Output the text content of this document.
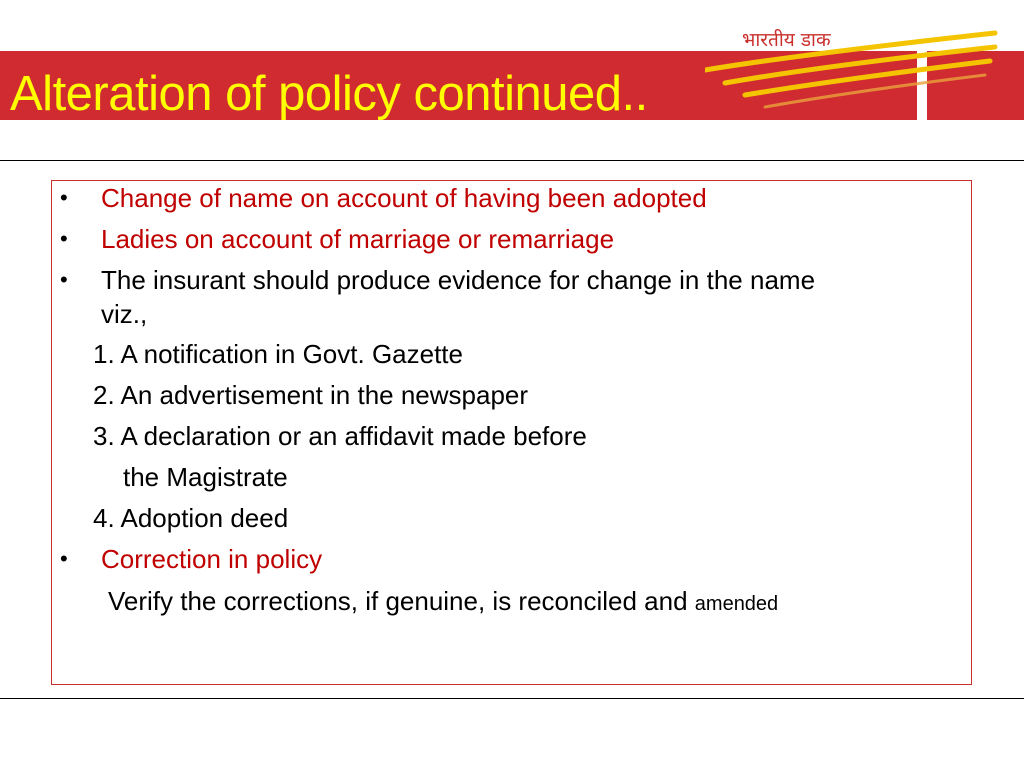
भारतीय डाक
Alteration of policy continued..
• Change of name on account of having been adopted
• Ladies on account of marriage or remarriage
• The insurant should produce evidence for change in the name
viz.,
1. A notification in Govt. Gazette
2. An advertisement in the newspaper
3. A declaration or an affidavit made before
the Magistrate
4. Adoption deed
• Correction in policy
Verify the corrections, if genuine, is reconciled and amended
